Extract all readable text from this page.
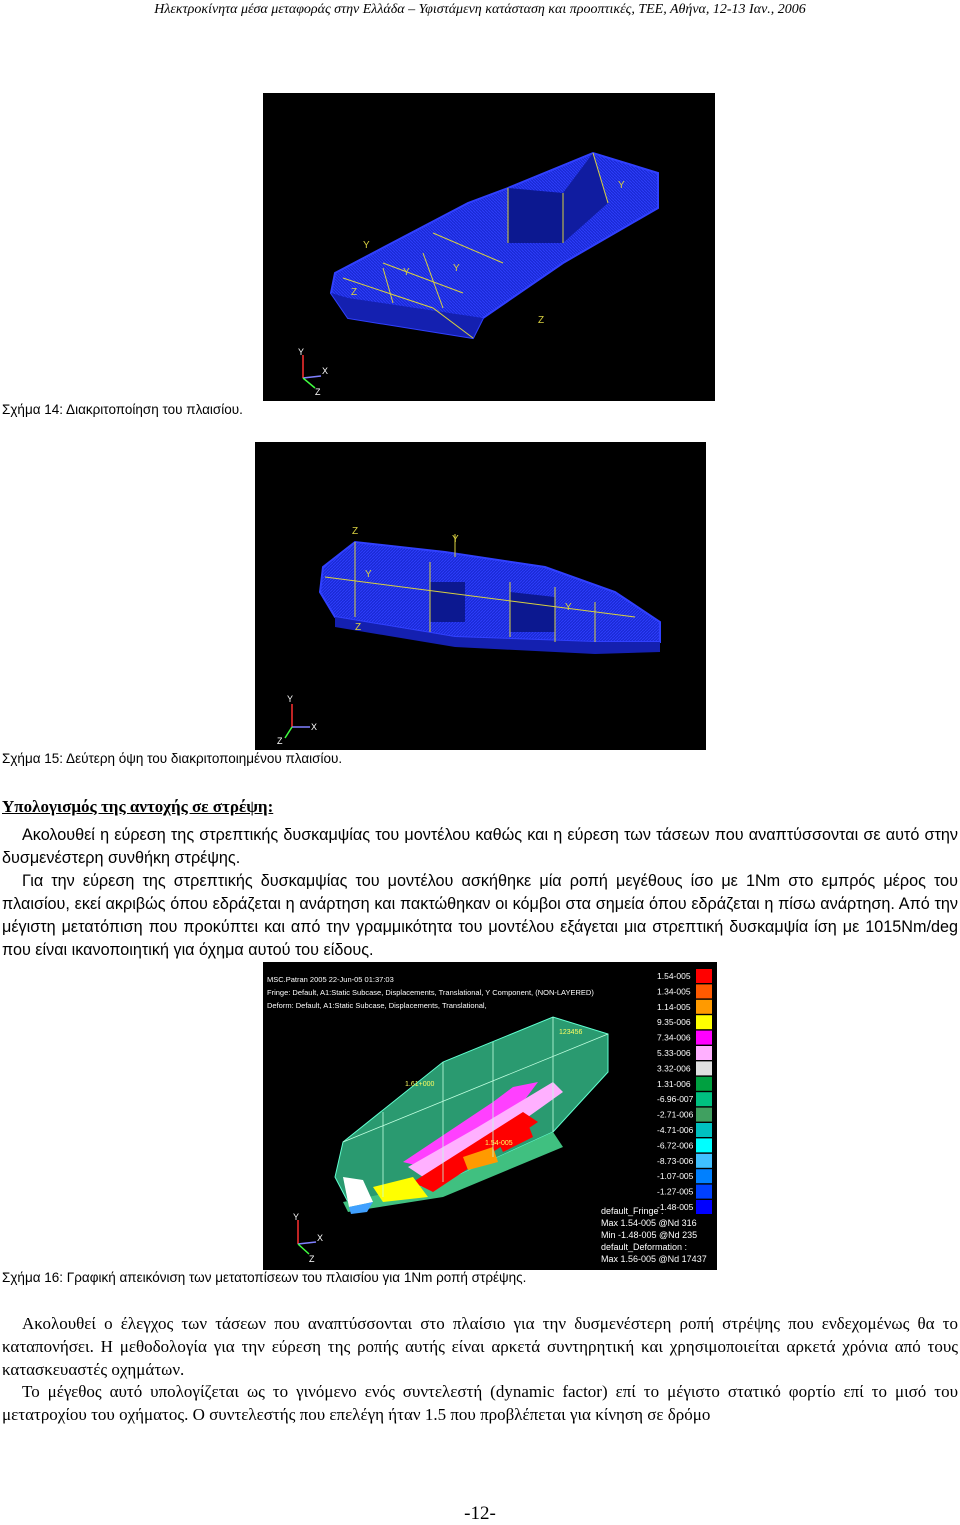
Ηλεκτροκίνητα μέσα μεταφοράς στην Ελλάδα – Υφιστάμενη κατάσταση και προοπτικές, ΤΕΕ, Αθήνα, 12-13 Ιαν., 2006
Y
Y	Y
Z
Z
Y
Y
X
Z
Σχήμα 14: Διακριτοποίηση του πλαισίου.
Z
Y
Y
Z
Y
Y
X
Z
Σχήμα 15: Δεύτερη όψη του διακριτοποιημένου πλαισίου.
Υπολογισμός της αντοχής σε στρέψη:

Ακολουθεί η εύρεση της στρεπτικής δυσκαμψίας του μοντέλου καθώς και η εύρεση των τάσεων που αναπτύσσονται σε αυτό στην δυσμενέστερη συνθήκη στρέψης.

Για την εύρεση της στρεπτικής δυσκαμψίας του μοντέλου ασκήθηκε μία ροπή μεγέθους ίσο με 1Nm στο εμπρός μέρος του πλαισίου, εκεί ακριβώς όπου εδράζεται η ανάρτηση και πακτώθηκαν οι κόμβοι στα σημεία όπου εδράζεται η πίσω ανάρτηση. Από την μέγιστη μετατόπιση που προκύπτει και από την γραμμικότητα του μοντέλου εξάγεται μια στρεπτική δυσκαμψία ίση με 1015Nm/deg που είναι ικανοποιητική για όχημα αυτού του είδους.

MSC.Patran 2005 22-Jun-05 01:37:03
Fringe: Default, A1:Static Subcase, Displacements, Translational, Y Component, (NON-LAYERED)
Deform: Default, A1:Static Subcase, Displacements, Translational,
1.61+000
1.54-005
123456
1.54-005
1.34-005
1.14-005
9.35-006
7.34-006
5.33-006
3.32-006
1.31-006
-6.96-007
-2.71-006
-4.71-006
-6.72-006
-8.73-006
-1.07-005
-1.27-005
-1.48-005
default_Fringe :
Max 1.54-005 @Nd 316
Min -1.48-005 @Nd 235
default_Deformation :
Max 1.56-005 @Nd 17437
Y
X
Z
Σχήμα 16: Γραφική απεικόνιση των μετατοπίσεων του πλαισίου για 1Nm ροπή στρέψης.

Ακολουθεί ο έλεγχος των τάσεων που αναπτύσσονται στο πλαίσιο για την δυσμενέστερη ροπή στρέψης που ενδεχομένως θα το καταπονήσει. Η μεθοδολογία για την εύρεση της ροπής αυτής είναι αρκετά συντηρητική και χρησιμοποιείται αρκετά χρόνια από τους κατασκευαστές οχημάτων.

Το μέγεθος αυτό υπολογίζεται ως το γινόμενο ενός συντελεστή (dynamic factor) επί το μέγιστο στατικό φορτίο επί το μισό του μετατροχίου του οχήματος. Ο συντελεστής που επελέγη ήταν 1.5 που προβλέπεται για κίνηση σε δρόμο

-12-
